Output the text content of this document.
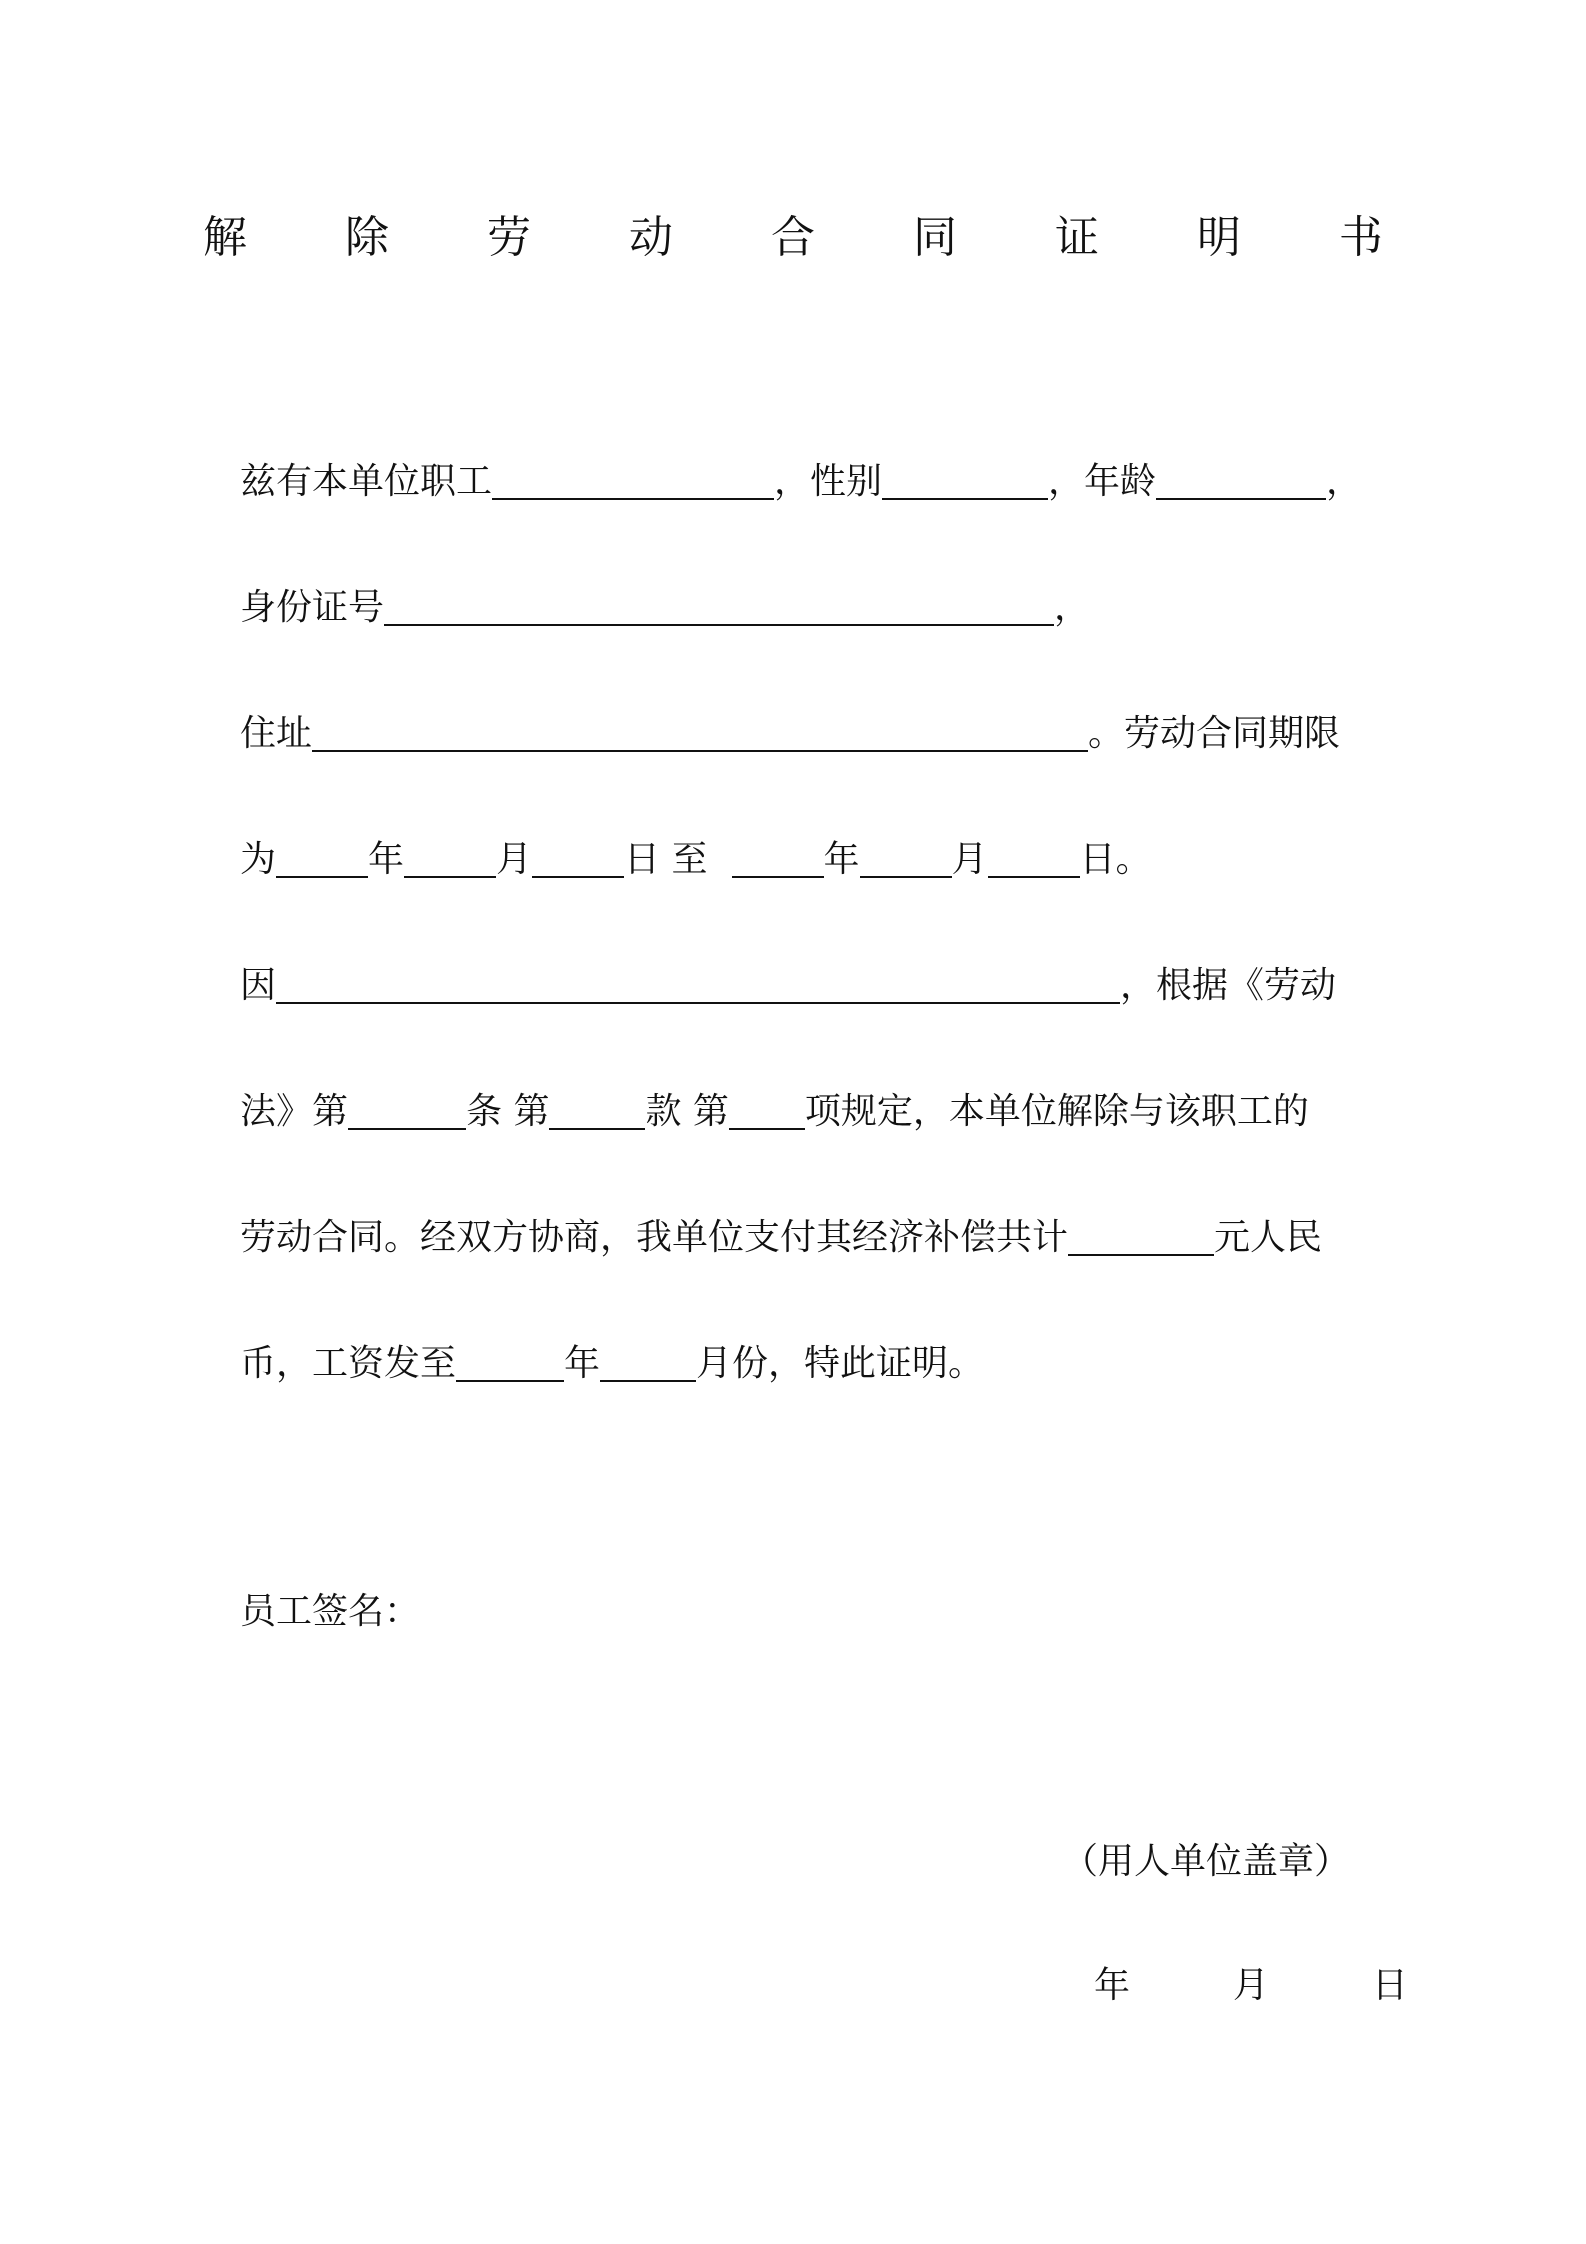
解 除 劳 动 合 同 证 明 书
兹有本单位职工	，性别	，年龄	，
身份证号	，
住址	。劳动合同期限
为	年	月	日 至	年	月	日。
因	，根据《劳动
法》第	条 第	款 第 项规定，本单位解除与该职工的
劳动合同。经双方协商，我单位支付其经济补偿共计	元人民
币，工资发至	年	月份，特此证明。
员工签名：
（用人单位盖章）
年	月	日
